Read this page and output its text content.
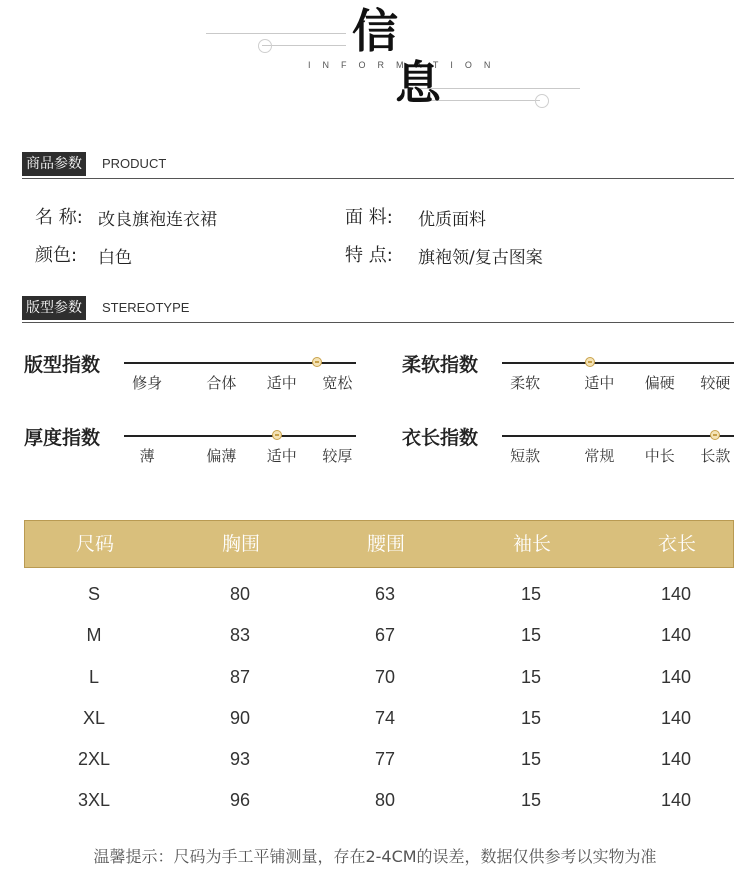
信
INFORMATION
息
商品参数	PRODUCT
名 称: 改良旗袍连衣裙	面 料: 优质面料
颜色: 白色	特 点: 旗袍领/复古图案
版型参数	STEREOTYPE
版型指数
修身	合体 适中 宽松
柔软指数
柔软	适中 偏硬 较硬
厚度指数
薄	偏薄 适中 较厚
衣长指数
短款	常规 中长 长款
尺码	胸围	腰围	袖长	衣长
S	80	63	15	140
M	83	67	15	140
L	87	70	15	140
XL	90	74	15	140
2XL	93	77	15	140
3XL	96	80	15	140
温馨提示：尺码为手工平铺测量，存在2-4CM的误差，数据仅供参考以实物为准
